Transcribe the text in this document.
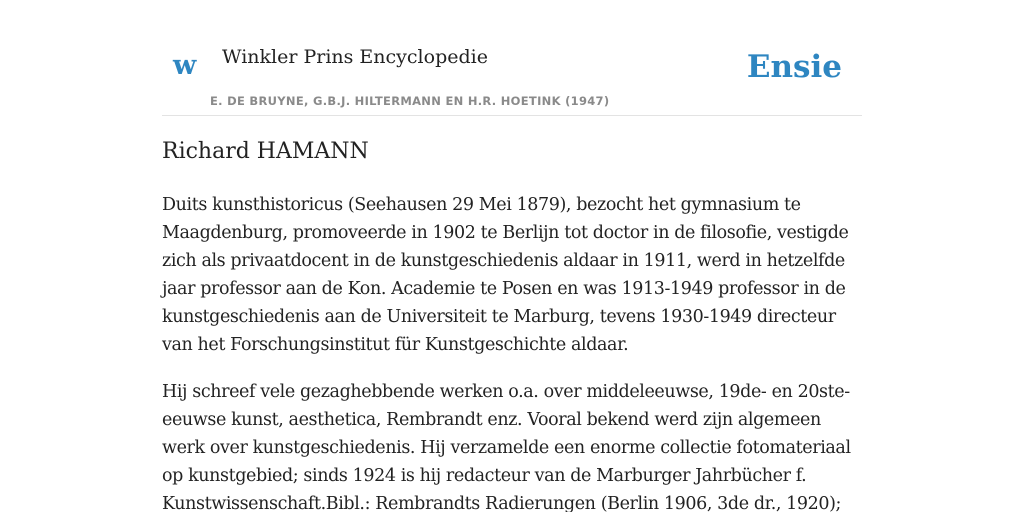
w Winkler Prins Encyclopedie
E. DE BRUYNE, G.B.J. HILTERMANN EN H.R. HOETINK (1947)
Ensie
Richard HAMANN

Duits kunsthistoricus (Seehausen 29 Mei 1879), bezocht het gymnasium te Maagdenburg, promoveerde in 1902 te Berlijn tot doctor in de filosofie, vestigde zich als privaatdocent in de kunstgeschiedenis aldaar in 1911, werd in hetzelfde jaar professor aan de Kon. Academie te Posen en was 1913-1949 professor in de kunstgeschiedenis aan de Universiteit te Marburg, tevens 1930-1949 directeur van het Forschungsinstitut für Kunstgeschichte aldaar.

Hij schreef vele gezaghebbende werken o.a. over middeleeuwse, 19de- en 20ste-eeuwse kunst, aesthetica, Rembrandt enz. Vooral bekend werd zijn algemeen werk over kunstgeschiedenis. Hij verzamelde een enorme collectie fotomateriaal op kunstgebied; sinds 1924 is hij redacteur van de Marburger Jahrbücher f. Kunstwissenschaft.Bibl.: Rembrandts Radierungen (Berlin 1906, 3de dr., 1920);
